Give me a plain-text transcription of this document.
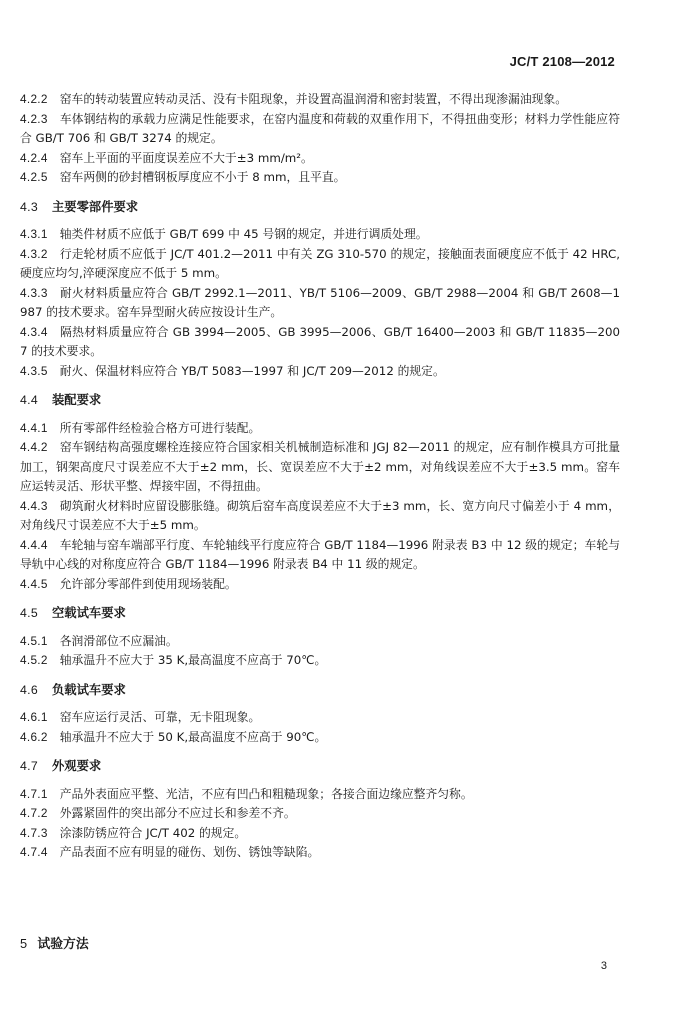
JC/T 2108—2012

4.2.2 窑车的转动装置应转动灵活、没有卡阻现象，并设置高温润滑和密封装置，不得出现渗漏油现象。

4.2.3 车体钢结构的承载力应满足性能要求，在窑内温度和荷载的双重作用下，不得扭曲变形；材料力学性能应符合 GB/T 706 和 GB/T 3274 的规定。

4.2.4 窑车上平面的平面度误差应不大于±3 mm/m²。

4.2.5 窑车两侧的砂封槽钢板厚度应不小于 8 mm，且平直。

4.3 主要零部件要求

4.3.1 轴类件材质不应低于 GB/T 699 中 45 号钢的规定，并进行调质处理。

4.3.2 行走轮材质不应低于 JC/T 401.2—2011 中有关 ZG 310-570 的规定，接触面表面硬度应不低于 42 HRC,硬度应均匀,淬硬深度应不低于 5 mm。

4.3.3 耐火材料质量应符合 GB/T 2992.1—2011、YB/T 5106—2009、GB/T 2988—2004 和 GB/T 2608—1987 的技术要求。窑车异型耐火砖应按设计生产。

4.3.4 隔热材料质量应符合 GB 3994—2005、GB 3995—2006、GB/T 16400—2003 和 GB/T 11835—2007 的技术要求。

4.3.5 耐火、保温材料应符合 YB/T 5083—1997 和 JC/T 209—2012 的规定。

4.4 装配要求

4.4.1 所有零部件经检验合格方可进行装配。

4.4.2 窑车钢结构高强度螺栓连接应符合国家相关机械制造标准和 JGJ 82—2011 的规定，应有制作模具方可批量加工，钢架高度尺寸误差应不大于±2 mm，长、宽误差应不大于±2 mm，对角线误差应不大于±3.5 mm。窑车应运转灵活、形状平整、焊接牢固，不得扭曲。

4.4.3 砌筑耐火材料时应留设膨胀缝。砌筑后窑车高度误差应不大于±3 mm，长、宽方向尺寸偏差小于 4 mm，对角线尺寸误差应不大于±5 mm。

4.4.4 车轮轴与窑车端部平行度、车轮轴线平行度应符合 GB/T 1184—1996 附录表 B3 中 12 级的规定；车轮与导轨中心线的对称度应符合 GB/T 1184—1996 附录表 B4 中 11 级的规定。

4.4.5 允许部分零部件到使用现场装配。

4.5 空载试车要求

4.5.1 各润滑部位不应漏油。

4.5.2 轴承温升不应大于 35 K,最高温度不应高于 70℃。

4.6 负载试车要求

4.6.1 窑车应运行灵活、可靠，无卡阻现象。

4.6.2 轴承温升不应大于 50 K,最高温度不应高于 90℃。

4.7 外观要求

4.7.1 产品外表面应平整、光洁，不应有凹凸和粗糙现象；各接合面边缘应整齐匀称。

4.7.2 外露紧固件的突出部分不应过长和参差不齐。

4.7.3 涂漆防锈应符合 JC/T 402 的规定。

4.7.4 产品表面不应有明显的碰伤、划伤、锈蚀等缺陷。

5 试验方法
3
